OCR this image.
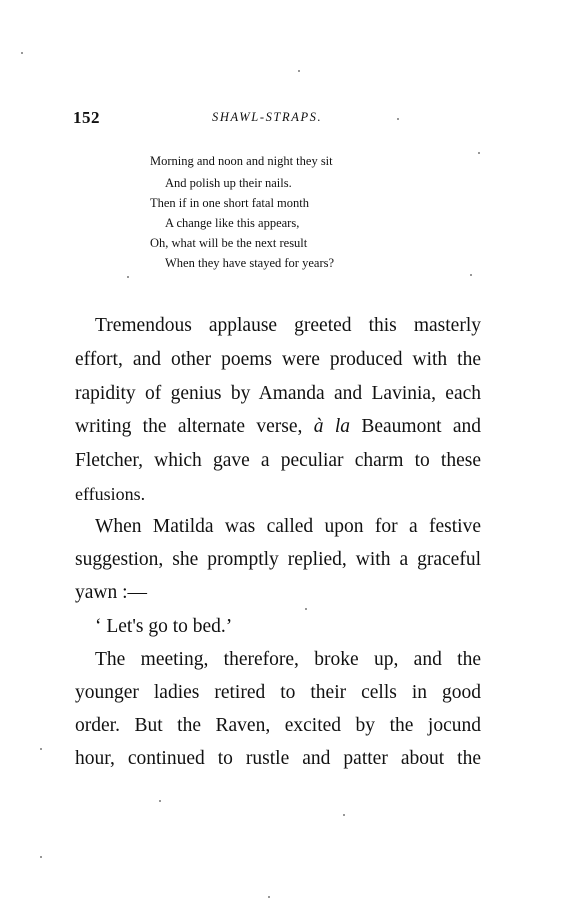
152	SHAWL-STRAPS.
Morning and noon and night they sit
And polish up their nails.
Then if in one short fatal month
A change like this appears,
Oh, what will be the next result
When they have stayed for years?
Tremendous applause greeted this masterly
effort, and other poems were produced with the
rapidity of genius by Amanda and Lavinia, each
writing the alternate verse, à la Beaumont and
Fletcher, which gave a peculiar charm to these
effusions.
When Matilda was called upon for a festive
suggestion, she promptly replied, with a graceful
yawn :—
‘ Let's go to bed.’
The meeting, therefore, broke up, and the
younger ladies retired to their cells in good
order. But the Raven, excited by the jocund
hour, continued to rustle and patter about the
